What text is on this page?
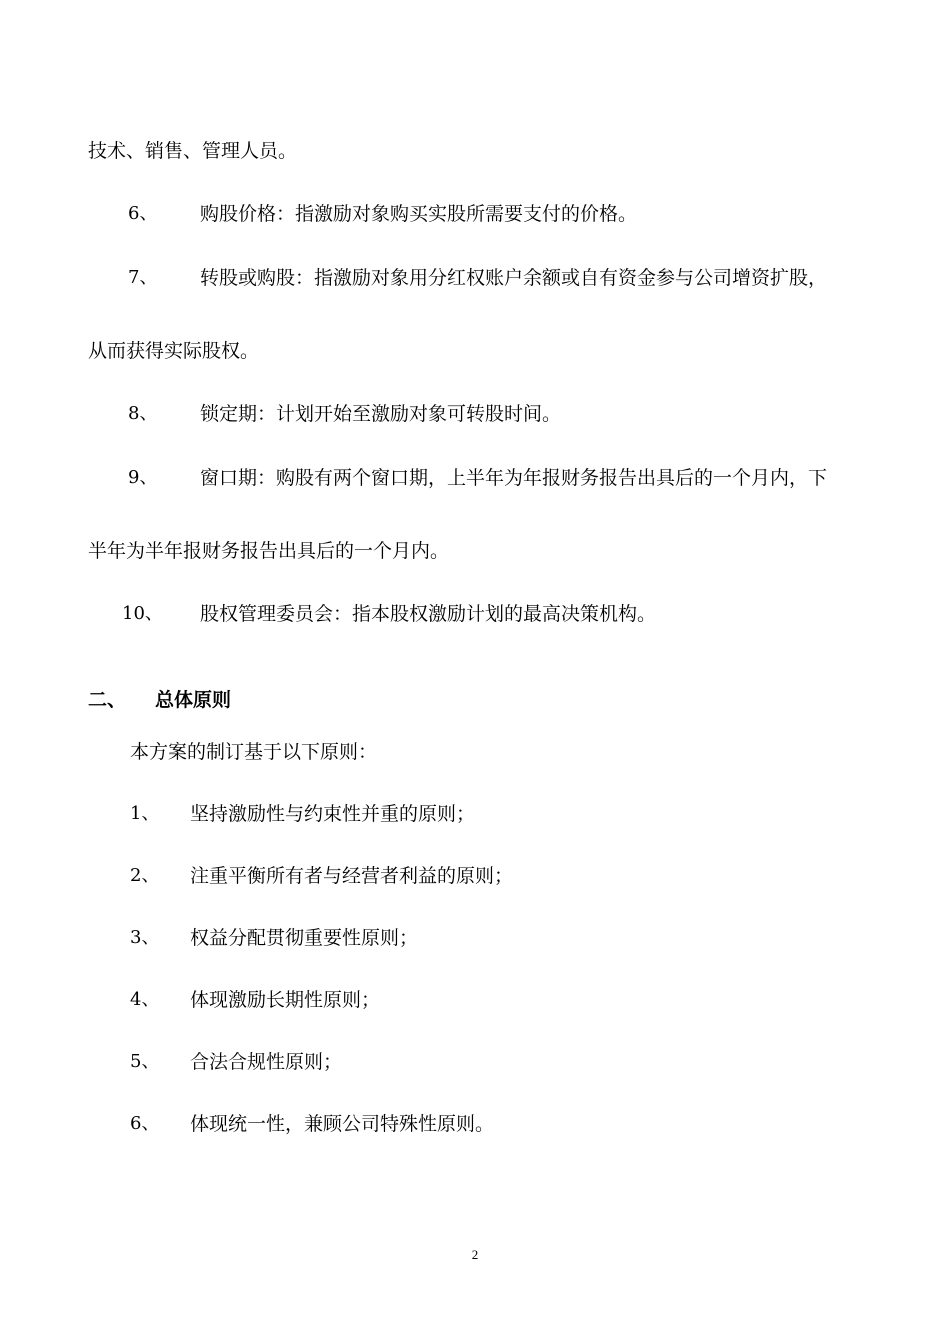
技术、销售、管理人员。
6、 购股价格：指激励对象购买实股所需要支付的价格。
7、 转股或购股：指激励对象用分红权账户余额或自有资金参与公司增资扩股，
从而获得实际股权。
8、 锁定期：计划开始至激励对象可转股时间。
9、 窗口期：购股有两个窗口期，上半年为年报财务报告出具后的一个月内，下
半年为半年报财务报告出具后的一个月内。
10、 股权管理委员会：指本股权激励计划的最高决策机构。
二、 总体原则
本方案的制订基于以下原则：
1、 坚持激励性与约束性并重的原则；
2、 注重平衡所有者与经营者利益的原则；
3、 权益分配贯彻重要性原则；
4、 体现激励长期性原则；
5、 合法合规性原则；
6、 体现统一性，兼顾公司特殊性原则。
2
